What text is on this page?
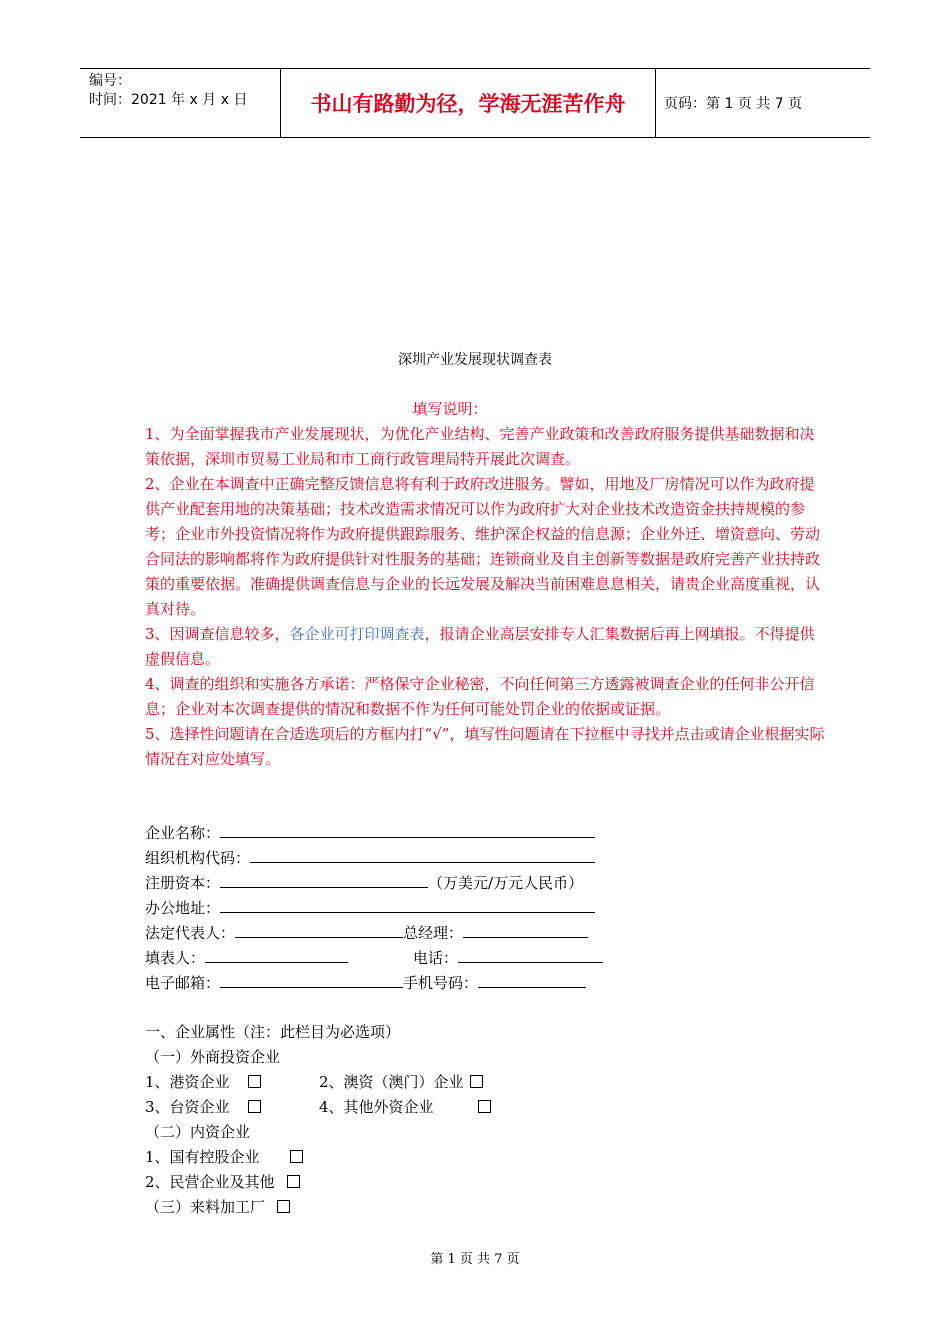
编号：
时间：2021 年 x 月 x 日	书山有路勤为径，学海无涯苦作舟	页码：第 1 页 共 7 页
深圳产业发展现状调查表
填写说明：

1、为全面掌握我市产业发展现状，为优化产业结构、完善产业政策和改善政府服务提供基础数据和决策依据，深圳市贸易工业局和市工商行政管理局特开展此次调查。

2、企业在本调查中正确完整反馈信息将有利于政府改进服务。譬如，用地及厂房情况可以作为政府提供产业配套用地的决策基础；技术改造需求情况可以作为政府扩大对企业技术改造资金扶持规模的参考；企业市外投资情况将作为政府提供跟踪服务、维护深企权益的信息源；企业外迁、增资意向、劳动合同法的影响都将作为政府提供针对性服务的基础；连锁商业及自主创新等数据是政府完善产业扶持政策的重要依据。准确提供调查信息与企业的长远发展及解决当前困难息息相关，请贵企业高度重视，认真对待。

3、因调查信息较多，各企业可打印调查表，报请企业高层安排专人汇集数据后再上网填报。不得提供虚假信息。

4、调查的组织和实施各方承诺：严格保守企业秘密，不向任何第三方透露被调查企业的任何非公开信息；企业对本次调查提供的情况和数据不作为任何可能处罚企业的依据或证据。

5、选择性问题请在合适选项后的方框内打“√”，填写性问题请在下拉框中寻找并点击或请企业根据实际情况在对应处填写。

企业名称：
组织机构代码：
注册资本：	（万美元/万元人民币）
办公地址：
法定代表人：	总经理：
填表人：	电话：
电子邮箱：	手机号码：
一、企业属性（注：此栏目为必选项）
（一）外商投资企业
1、港资企业	2、澳资（澳门）企业
3、台资企业	4、其他外资企业
（二）内资企业
1、国有控股企业
2、民营企业及其他
（三）来料加工厂
第 1 页 共 7 页
